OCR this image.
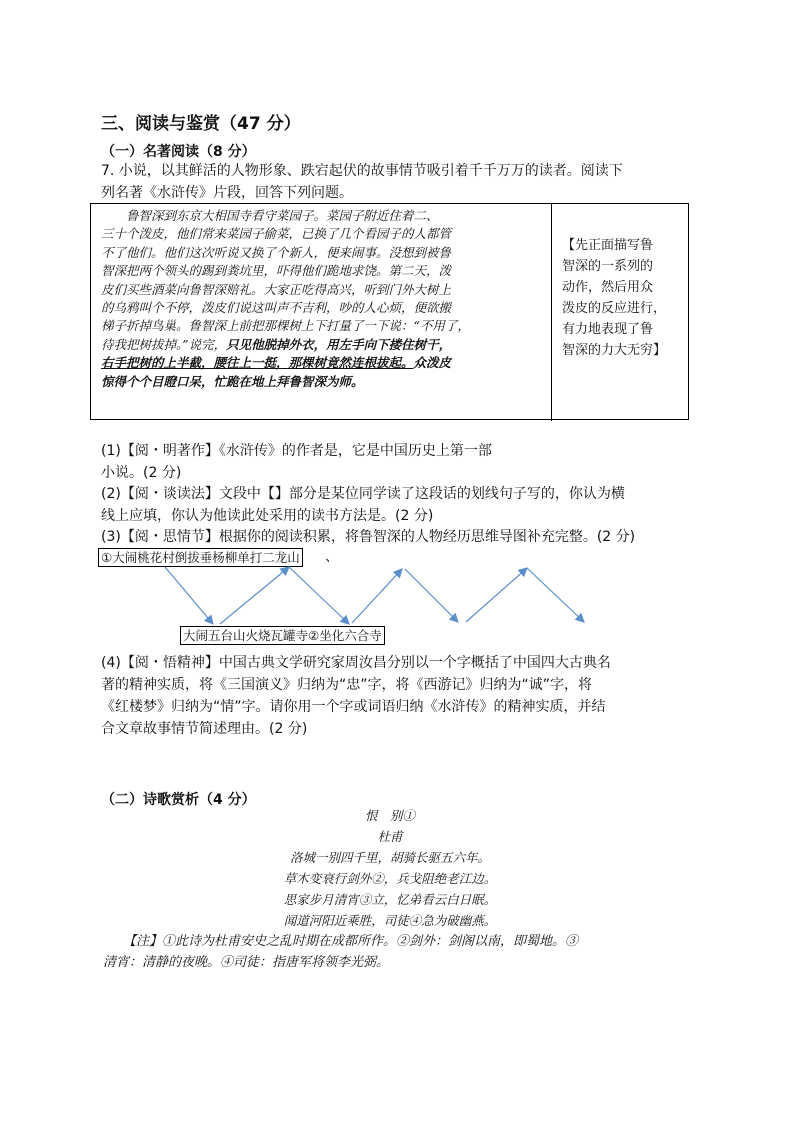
三、阅读与鉴赏（47 分）
（一）名著阅读（8 分）
7. 小说，以其鲜活的人物形象、跌宕起伏的故事情节吸引着千千万万的读者。阅读下
列名著《水浒传》片段，回答下列问题。
　　鲁智深到东京大相国寺看守菜园子。菜园子附近住着二、
三十个泼皮，他们常来菜园子偷菜，已换了几个看园子的人都管
不了他们。他们这次听说又换了个新人，便来闹事。没想到被鲁
智深把两个领头的踢到粪坑里，吓得他们跪地求饶。第二天，泼
皮们买些酒菜向鲁智深赔礼。大家正吃得高兴，听到门外大树上
的乌鸦叫个不停，泼皮们说这叫声不吉利，吵的人心烦，便欲搬
梯子折掉鸟巢。鲁智深上前把那棵树上下打量了一下说：“不用了，
待我把树拔掉。”说完，只见他脱掉外衣，用左手向下搂住树干，
右手把树的上半截，腰往上一挺，那棵树竟然连根拔起。众泼皮
惊得个个目瞪口呆，忙跪在地上拜鲁智深为师。
【先正面描写鲁
智深的一系列的
动作，然后用众
泼皮的反应进行，
有力地表现了鲁
智深的力大无穷】
(1)【阅・明著作】《水浒传》的作者是，它是中国历史上第一部
小说。(2 分)
(2)【阅・谈读法】文段中【】部分是某位同学读了这段话的划线句子写的，你认为横
线上应填，你认为他读此处采用的读书方法是。(2 分)
(3)【阅・思情节】根据你的阅读积累，将鲁智深的人物经历思维导图补充完整。(2 分)
①大闹桃花村倒拔垂杨柳单打二龙山 、
大闹五台山火烧瓦罐寺②坐化六合寺
(4)【阅・悟精神】中国古典文学研究家周汝昌分别以一个字概括了中国四大古典名
著的精神实质，将《三国演义》归纳为“忠”字，将《西游记》归纳为“诚”字，将
《红楼梦》归纳为“情”字。请你用一个字或词语归纳《水浒传》的精神实质，并结
合文章故事情节简述理由。(2 分)
（二）诗歌赏析（4 分）
恨　别①
杜甫
洛城一别四千里，胡骑长驱五六年。
草木变衰行剑外②，兵戈阻绝老江边。
思家步月清宵③立，忆弟看云白日眠。
闻道河阳近乘胜，司徒④急为破幽燕。
【注】①此诗为杜甫安史之乱时期在成都所作。②剑外：剑阁以南，即蜀地。③
清宵：清静的夜晚。④司徒：指唐军将领李光弼。
